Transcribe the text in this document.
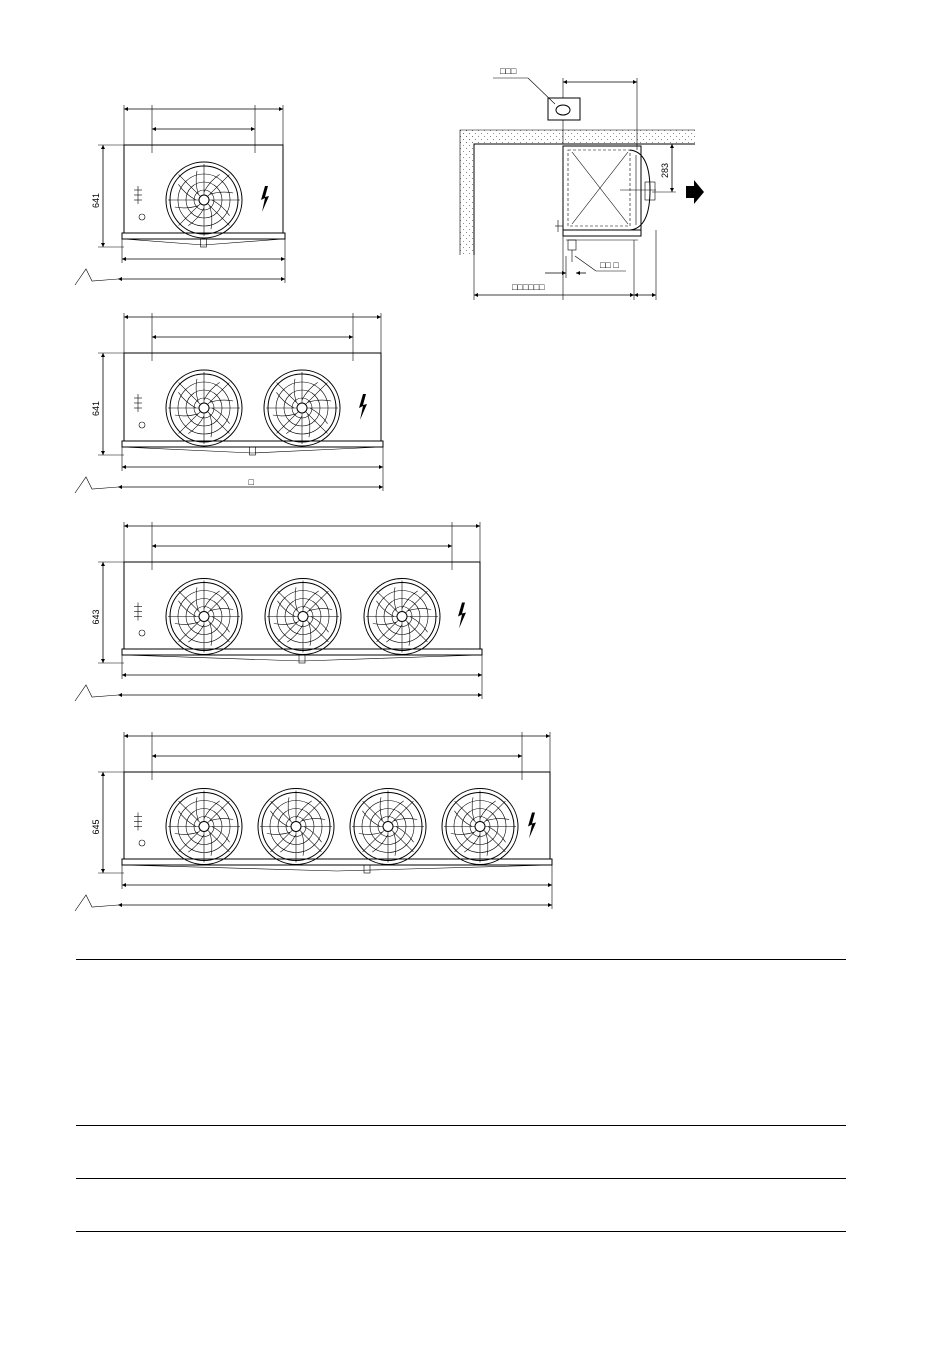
641
641
□
643
645
□□□
283
□□ □
□□□□□□
